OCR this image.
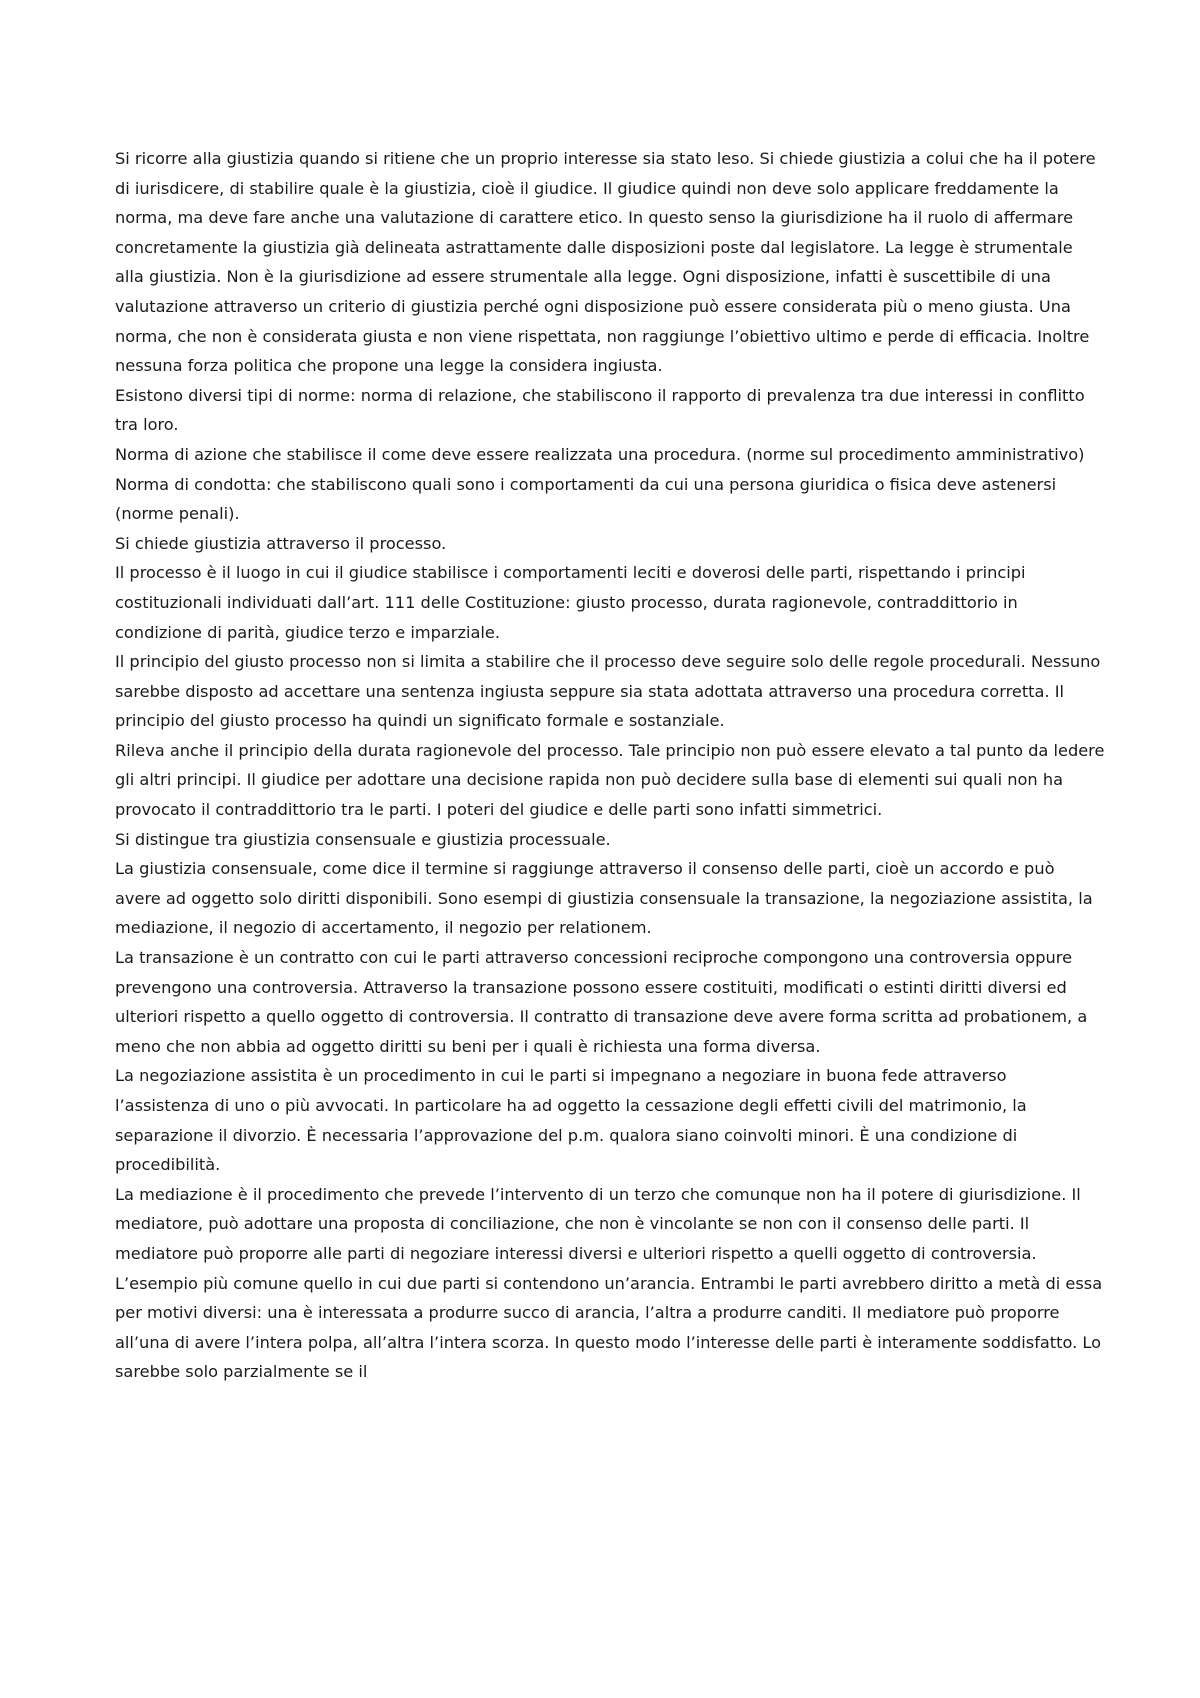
Si ricorre alla giustizia quando si ritiene che un proprio interesse sia stato leso. Si chiede giustizia a colui che ha il potere di iurisdicere, di stabilire quale è la giustizia, cioè il giudice. Il giudice quindi non deve solo applicare freddamente la norma, ma deve fare anche una valutazione di carattere etico. In questo senso la giurisdizione ha il ruolo di affermare concretamente la giustizia già delineata astrattamente dalle disposizioni poste dal legislatore. La legge è strumentale alla giustizia. Non è la giurisdizione ad essere strumentale alla legge. Ogni disposizione, infatti è suscettibile di una valutazione attraverso un criterio di giustizia perché ogni disposizione può essere considerata più o meno giusta. Una norma, che non è considerata giusta e non viene rispettata, non raggiunge l’obiettivo ultimo e perde di efficacia. Inoltre nessuna forza politica che propone una legge la considera ingiusta.

Esistono diversi tipi di norme: norma di relazione, che stabiliscono il rapporto di prevalenza tra due interessi in conflitto tra loro.

Norma di azione che stabilisce il come deve essere realizzata una procedura. (norme sul procedimento amministrativo)

Norma di condotta: che stabiliscono quali sono i comportamenti da cui una persona giuridica o fisica deve astenersi (norme penali).

Si chiede giustizia attraverso il processo.

Il processo è il luogo in cui il giudice stabilisce i comportamenti leciti e doverosi delle parti, rispettando i principi costituzionali individuati dall’art. 111 delle Costituzione: giusto processo, durata ragionevole, contraddittorio in condizione di parità, giudice terzo e imparziale.

Il principio del giusto processo non si limita a stabilire che il processo deve seguire solo delle regole procedurali. Nessuno sarebbe disposto ad accettare una sentenza ingiusta seppure sia stata adottata attraverso una procedura corretta. Il principio del giusto processo ha quindi un significato formale e sostanziale.

Rileva anche il principio della durata ragionevole del processo. Tale principio non può essere elevato a tal punto da ledere gli altri principi. Il giudice per adottare una decisione rapida non può decidere sulla base di elementi sui quali non ha provocato il contraddittorio tra le parti. I poteri del giudice e delle parti sono infatti simmetrici.

Si distingue tra giustizia consensuale e giustizia processuale.

La giustizia consensuale, come dice il termine si raggiunge attraverso il consenso delle parti, cioè un accordo e può avere ad oggetto solo diritti disponibili. Sono esempi di giustizia consensuale la transazione, la negoziazione assistita, la mediazione, il negozio di accertamento, il negozio per relationem.

La transazione è un contratto con cui le parti attraverso concessioni reciproche compongono una controversia oppure prevengono una controversia. Attraverso la transazione possono essere costituiti, modificati o estinti diritti diversi ed ulteriori rispetto a quello oggetto di controversia. Il contratto di transazione deve avere forma scritta ad probationem, a meno che non abbia ad oggetto diritti su beni per i quali è richiesta una forma diversa.

La negoziazione assistita è un procedimento in cui le parti si impegnano a negoziare in buona fede attraverso l’assistenza di uno o più avvocati. In particolare ha ad oggetto la cessazione degli effetti civili del matrimonio, la separazione il divorzio. È necessaria l’approvazione del p.m. qualora siano coinvolti minori. È una condizione di procedibilità.

La mediazione è il procedimento che prevede l’intervento di un terzo che comunque non ha il potere di giurisdizione. Il mediatore, può adottare una proposta di conciliazione, che non è vincolante se non con il consenso delle parti. Il mediatore può proporre alle parti di negoziare interessi diversi e ulteriori rispetto a quelli oggetto di controversia. L’esempio più comune quello in cui due parti si contendono un’arancia. Entrambi le parti avrebbero diritto a metà di essa per motivi diversi: una è interessata a produrre succo di arancia, l’altra a produrre canditi. Il mediatore può proporre all’una di avere l’intera polpa, all’altra l’intera scorza. In questo modo l’interesse delle parti è interamente soddisfatto. Lo sarebbe solo parzialmente se il
